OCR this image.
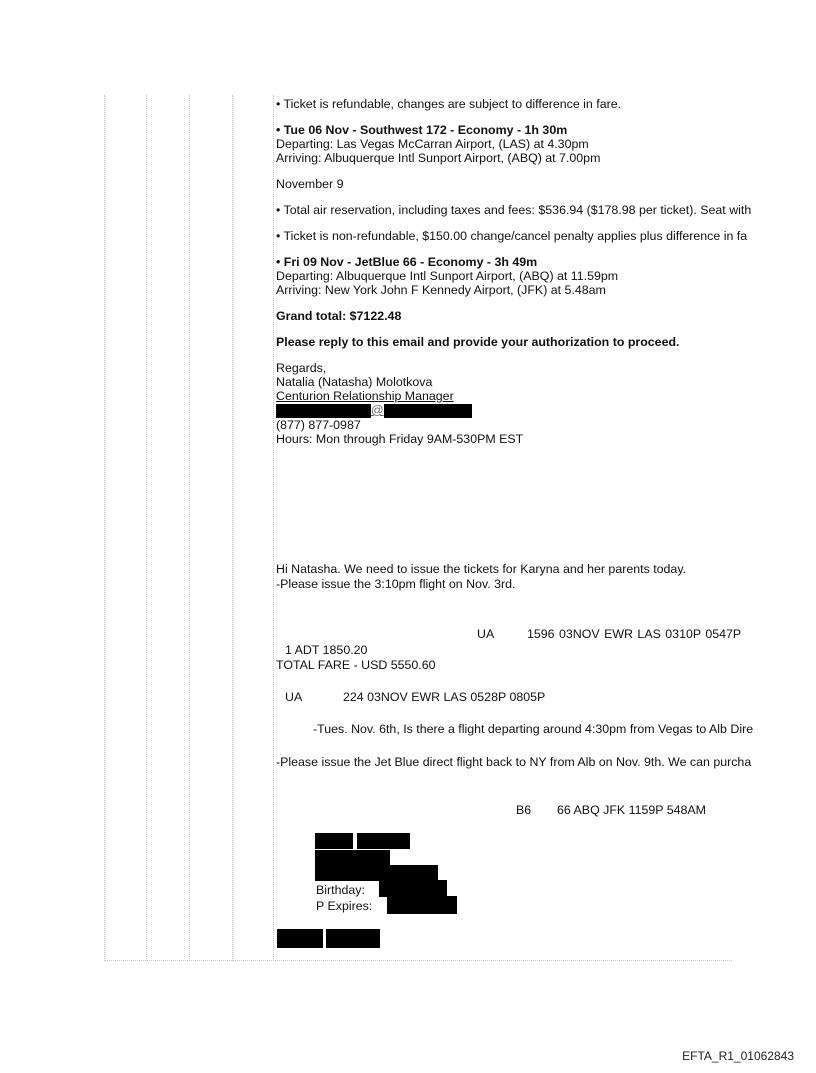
• Ticket is refundable, changes are subject to difference in fare.
• Tue 06 Nov - Southwest 172 - Economy - 1h 30m
Departing: Las Vegas McCarran Airport, (LAS) at 4.30pm
Arriving: Albuquerque Intl Sunport Airport, (ABQ) at 7.00pm
November 9
• Total air reservation, including taxes and fees: $536.94 ($178.98 per ticket). Seat with
• Ticket is non-refundable, $150.00 change/cancel penalty applies plus difference in fa
• Fri 09 Nov - JetBlue 66 - Economy - 3h 49m
Departing: Albuquerque Intl Sunport Airport, (ABQ) at 11.59pm
Arriving: New York John F Kennedy Airport, (JFK) at 5.48am
Grand total: $7122.48
Please reply to this email and provide your authorization to proceed.
Regards,
Natalia (Natasha) Molotkova
Centurion Relationship Manager
@
(877) 877-0987
Hours: Mon through Friday 9AM-530PM EST
Hi Natasha. We need to issue the tickets for Karyna and her parents today.
-Please issue the 3:10pm flight on Nov. 3rd.
UA	1596 03NOV EWR LAS 0310P 0547P
1 ADT 1850.20
TOTAL FARE - USD 5550.60
UA	224 03NOV EWR LAS 0528P 0805P
-Tues. Nov. 6th, Is there a flight departing around 4:30pm from Vegas to Alb Dire
-Please issue the Jet Blue direct flight back to NY from Alb on Nov. 9th. We can purcha
B6 66 ABQ JFK 1159P 548AM
Birthday:
P Expires:
EFTA_R1_01062843
